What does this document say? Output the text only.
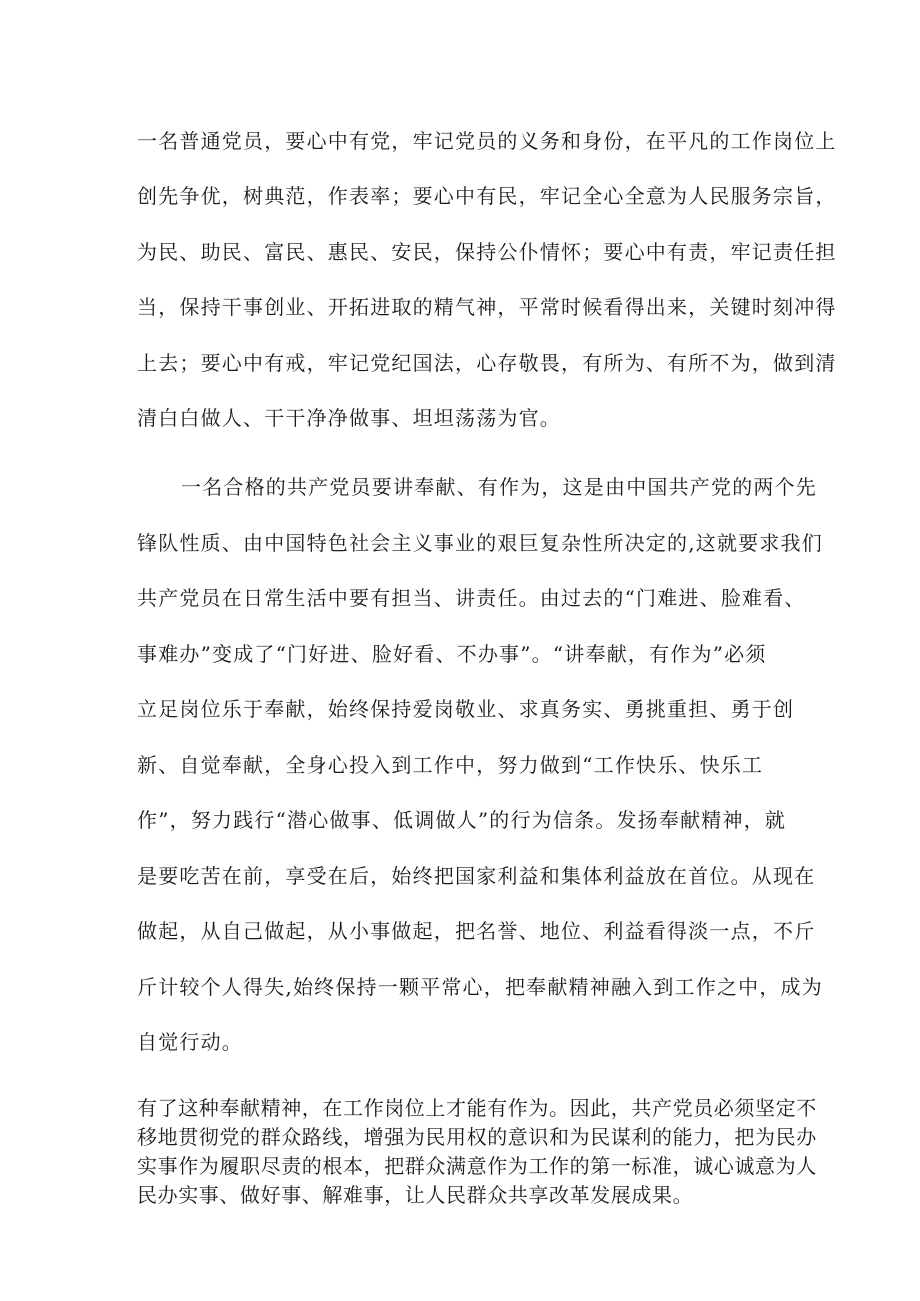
一名普通党员，要心中有党，牢记党员的义务和身份，在平凡的工作岗位上
创先争优，树典范，作表率；要心中有民，牢记全心全意为人民服务宗旨，
为民、助民、富民、惠民、安民，保持公仆情怀；要心中有责，牢记责任担
当，保持干事创业、开拓进取的精气神，平常时候看得出来，关键时刻冲得
上去；要心中有戒，牢记党纪国法，心存敬畏，有所为、有所不为，做到清
清白白做人、干干净净做事、坦坦荡荡为官。
一名合格的共产党员要讲奉献、有作为，这是由中国共产党的两个先
锋队性质、由中国特色社会主义事业的艰巨复杂性所决定的,这就要求我们
共产党员在日常生活中要有担当、讲责任。由过去的“门难进、脸难看、
事难办”变成了“门好进、脸好看、不办事”。“讲奉献，有作为”必须
立足岗位乐于奉献，始终保持爱岗敬业、求真务实、勇挑重担、勇于创
新、自觉奉献，全身心投入到工作中，努力做到“工作快乐、快乐工
作”，努力践行“潜心做事、低调做人”的行为信条。发扬奉献精神，就
是要吃苦在前，享受在后，始终把国家利益和集体利益放在首位。从现在
做起，从自己做起，从小事做起，把名誉、地位、利益看得淡一点，不斤
斤计较个人得失,始终保持一颗平常心，把奉献精神融入到工作之中，成为
自觉行动。
有了这种奉献精神，在工作岗位上才能有作为。因此，共产党员必须坚定不
移地贯彻党的群众路线，增强为民用权的意识和为民谋利的能力，把为民办
实事作为履职尽责的根本，把群众满意作为工作的第一标准，诚心诚意为人
民办实事、做好事、解难事，让人民群众共享改革发展成果。
